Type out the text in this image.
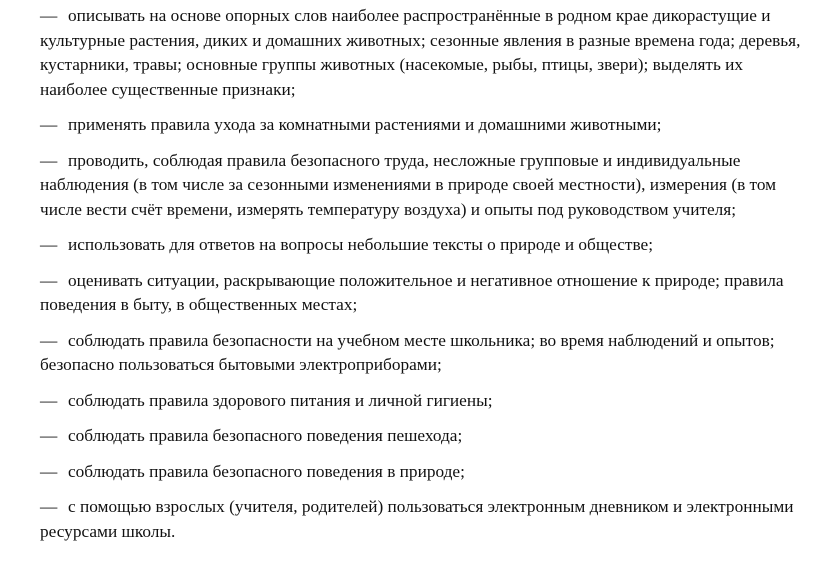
— описывать на основе опорных слов наиболее распространённые в родном крае дикорастущие и культурные растения, диких и домашних животных; сезонные явления в разные времена года; деревья, кустарники, травы; основные группы животных (насекомые, рыбы, птицы, звери); выделять их наиболее существенные признаки;

— применять правила ухода за комнатными растениями и домашними животными;

— проводить, соблюдая правила безопасного труда, несложные групповые и индивидуальные наблюдения (в том числе за сезонными изменениями в природе своей местности), измерения (в том числе вести счёт времени, измерять температуру воздуха) и опыты под руководством учителя;

— использовать для ответов на вопросы небольшие тексты о природе и обществе;

— оценивать ситуации, раскрывающие положительное и негативное отношение к природе; правила поведения в быту, в общественных местах;

— соблюдать правила безопасности на учебном месте школьника; во время наблюдений и опытов; безопасно пользоваться бытовыми электроприборами;

— соблюдать правила здорового питания и личной гигиены;

— соблюдать правила безопасного поведения пешехода;

— соблюдать правила безопасного поведения в природе;

— с помощью взрослых (учителя, родителей) пользоваться электронным дневником и электронными ресурсами школы.
